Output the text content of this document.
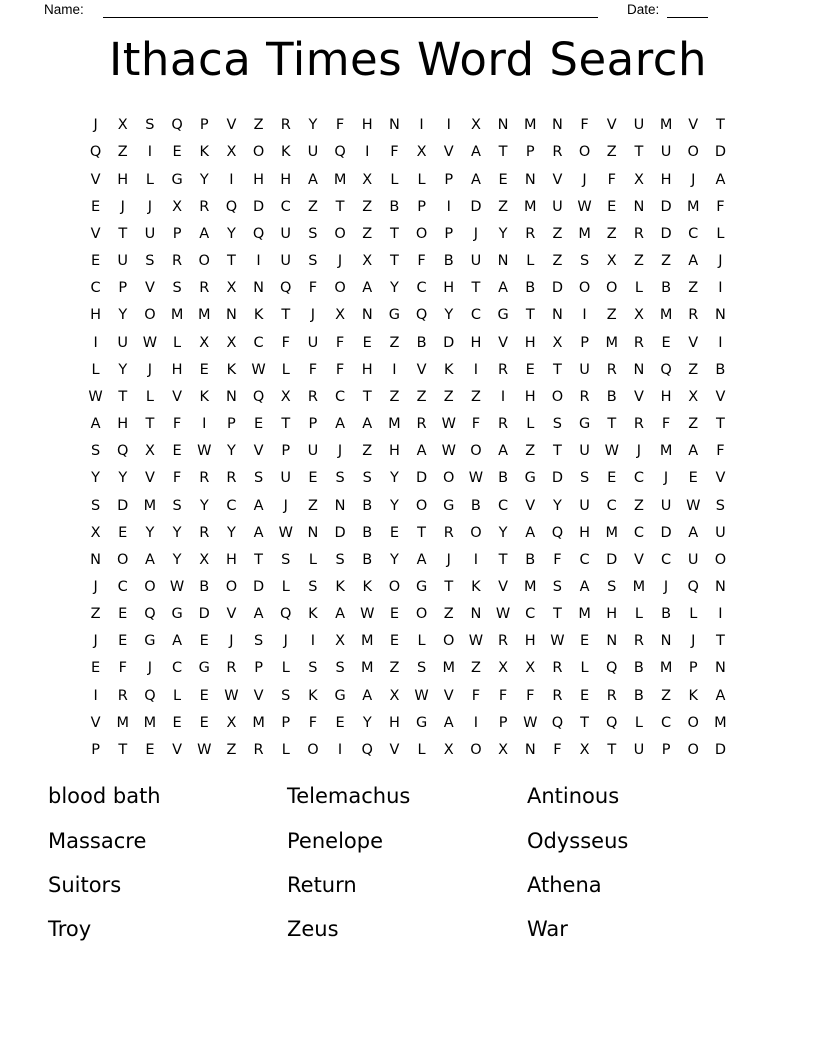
Name:	Date:
Ithaca Times Word Search
J	X	S	Q	P	V	Z	R	Y	F	H	N	I	I	X	N	M	N	F	V	U	M	V	T
Q	Z	I	E	K	X	O	K	U	Q	I	F	X	V	A	T	P	R	O	Z	T	U	O	D
V	H	L	G	Y	I	H	H	A	M	X	L	L	P	A	E	N	V	J	F	X	H	J	A
E	J	J	X	R	Q	D	C	Z	T	Z	B	P	I	D	Z	M	U	W	E	N	D	M	F
V	T	U	P	A	Y	Q	U	S	O	Z	T	O	P	J	Y	R	Z	M	Z	R	D	C	L
E	U	S	R	O	T	I	U	S	J	X	T	F	B	U	N	L	Z	S	X	Z	Z	A	J
C	P	V	S	R	X	N	Q	F	O	A	Y	C	H	T	A	B	D	O	O	L	B	Z	I
H	Y	O	M	M	N	K	T	J	X	N	G	Q	Y	C	G	T	N	I	Z	X	M	R	N
I	U	W	L	X	X	C	F	U	F	E	Z	B	D	H	V	H	X	P	M	R	E	V	I
L	Y	J	H	E	K	W	L	F	F	H	I	V	K	I	R	E	T	U	R	N	Q	Z	B
W	T	L	V	K	N	Q	X	R	C	T	Z	Z	Z	Z	I	H	O	R	B	V	H	X	V
A	H	T	F	I	P	E	T	P	A	A	M	R	W	F	R	L	S	G	T	R	F	Z	T
S	Q	X	E	W	Y	V	P	U	J	Z	H	A	W O	A	Z	T	U	W	J	M	A	F
Y	Y	V	F	R	R	S	U	E	S	S	Y	D	O W	B	G	D	S	E	C	J	E	V
S	D	M	S	Y	C	A	J	Z	N	B	Y	O	G	B	C	V	Y	U	C	Z	U	W	S
X	E	Y	Y	R	Y	A	W	N	D	B	E	T	R	O	Y	A	Q	H	M	C	D	A	U
N	O	A	Y	X	H	T	S	L	S	B	Y	A	J	I	T	B	F	C	D	V	C	U	O
J	C	O W	B	O	D	L	S	K	K	O	G	T	K	V	M	S	A	S	M	J	Q	N
Z	E	Q	G	D	V	A	Q	K	A	W	E	O	Z	N	W	C	T	M	H	L	B	L	I
J	E	G	A	E	J	S	J	I	X	M	E	L	O W	R	H	W	E	N	R	N	J	T
E	F	J	C	G	R	P	L	S	S	M	Z	S	M	Z	X	X	R	L	Q	B	M	P	N
I	R	Q	L	E	W	V	S	K	G	A	X	W	V	F	F	F	R	E	R	B	Z	K	A
V	M	M	E	E	X	M	P	F	E	Y	H	G	A	I	P	W Q	T	Q	L	C	O	M
P	T	E	V	W	Z	R	L	O	I	Q	V	L	X	O	X	N	F	X	T	U	P	O	D
blood bath
Massacre
Suitors
Troy
Telemachus
Penelope
Return
Zeus
Antinous
Odysseus
Athena
War
